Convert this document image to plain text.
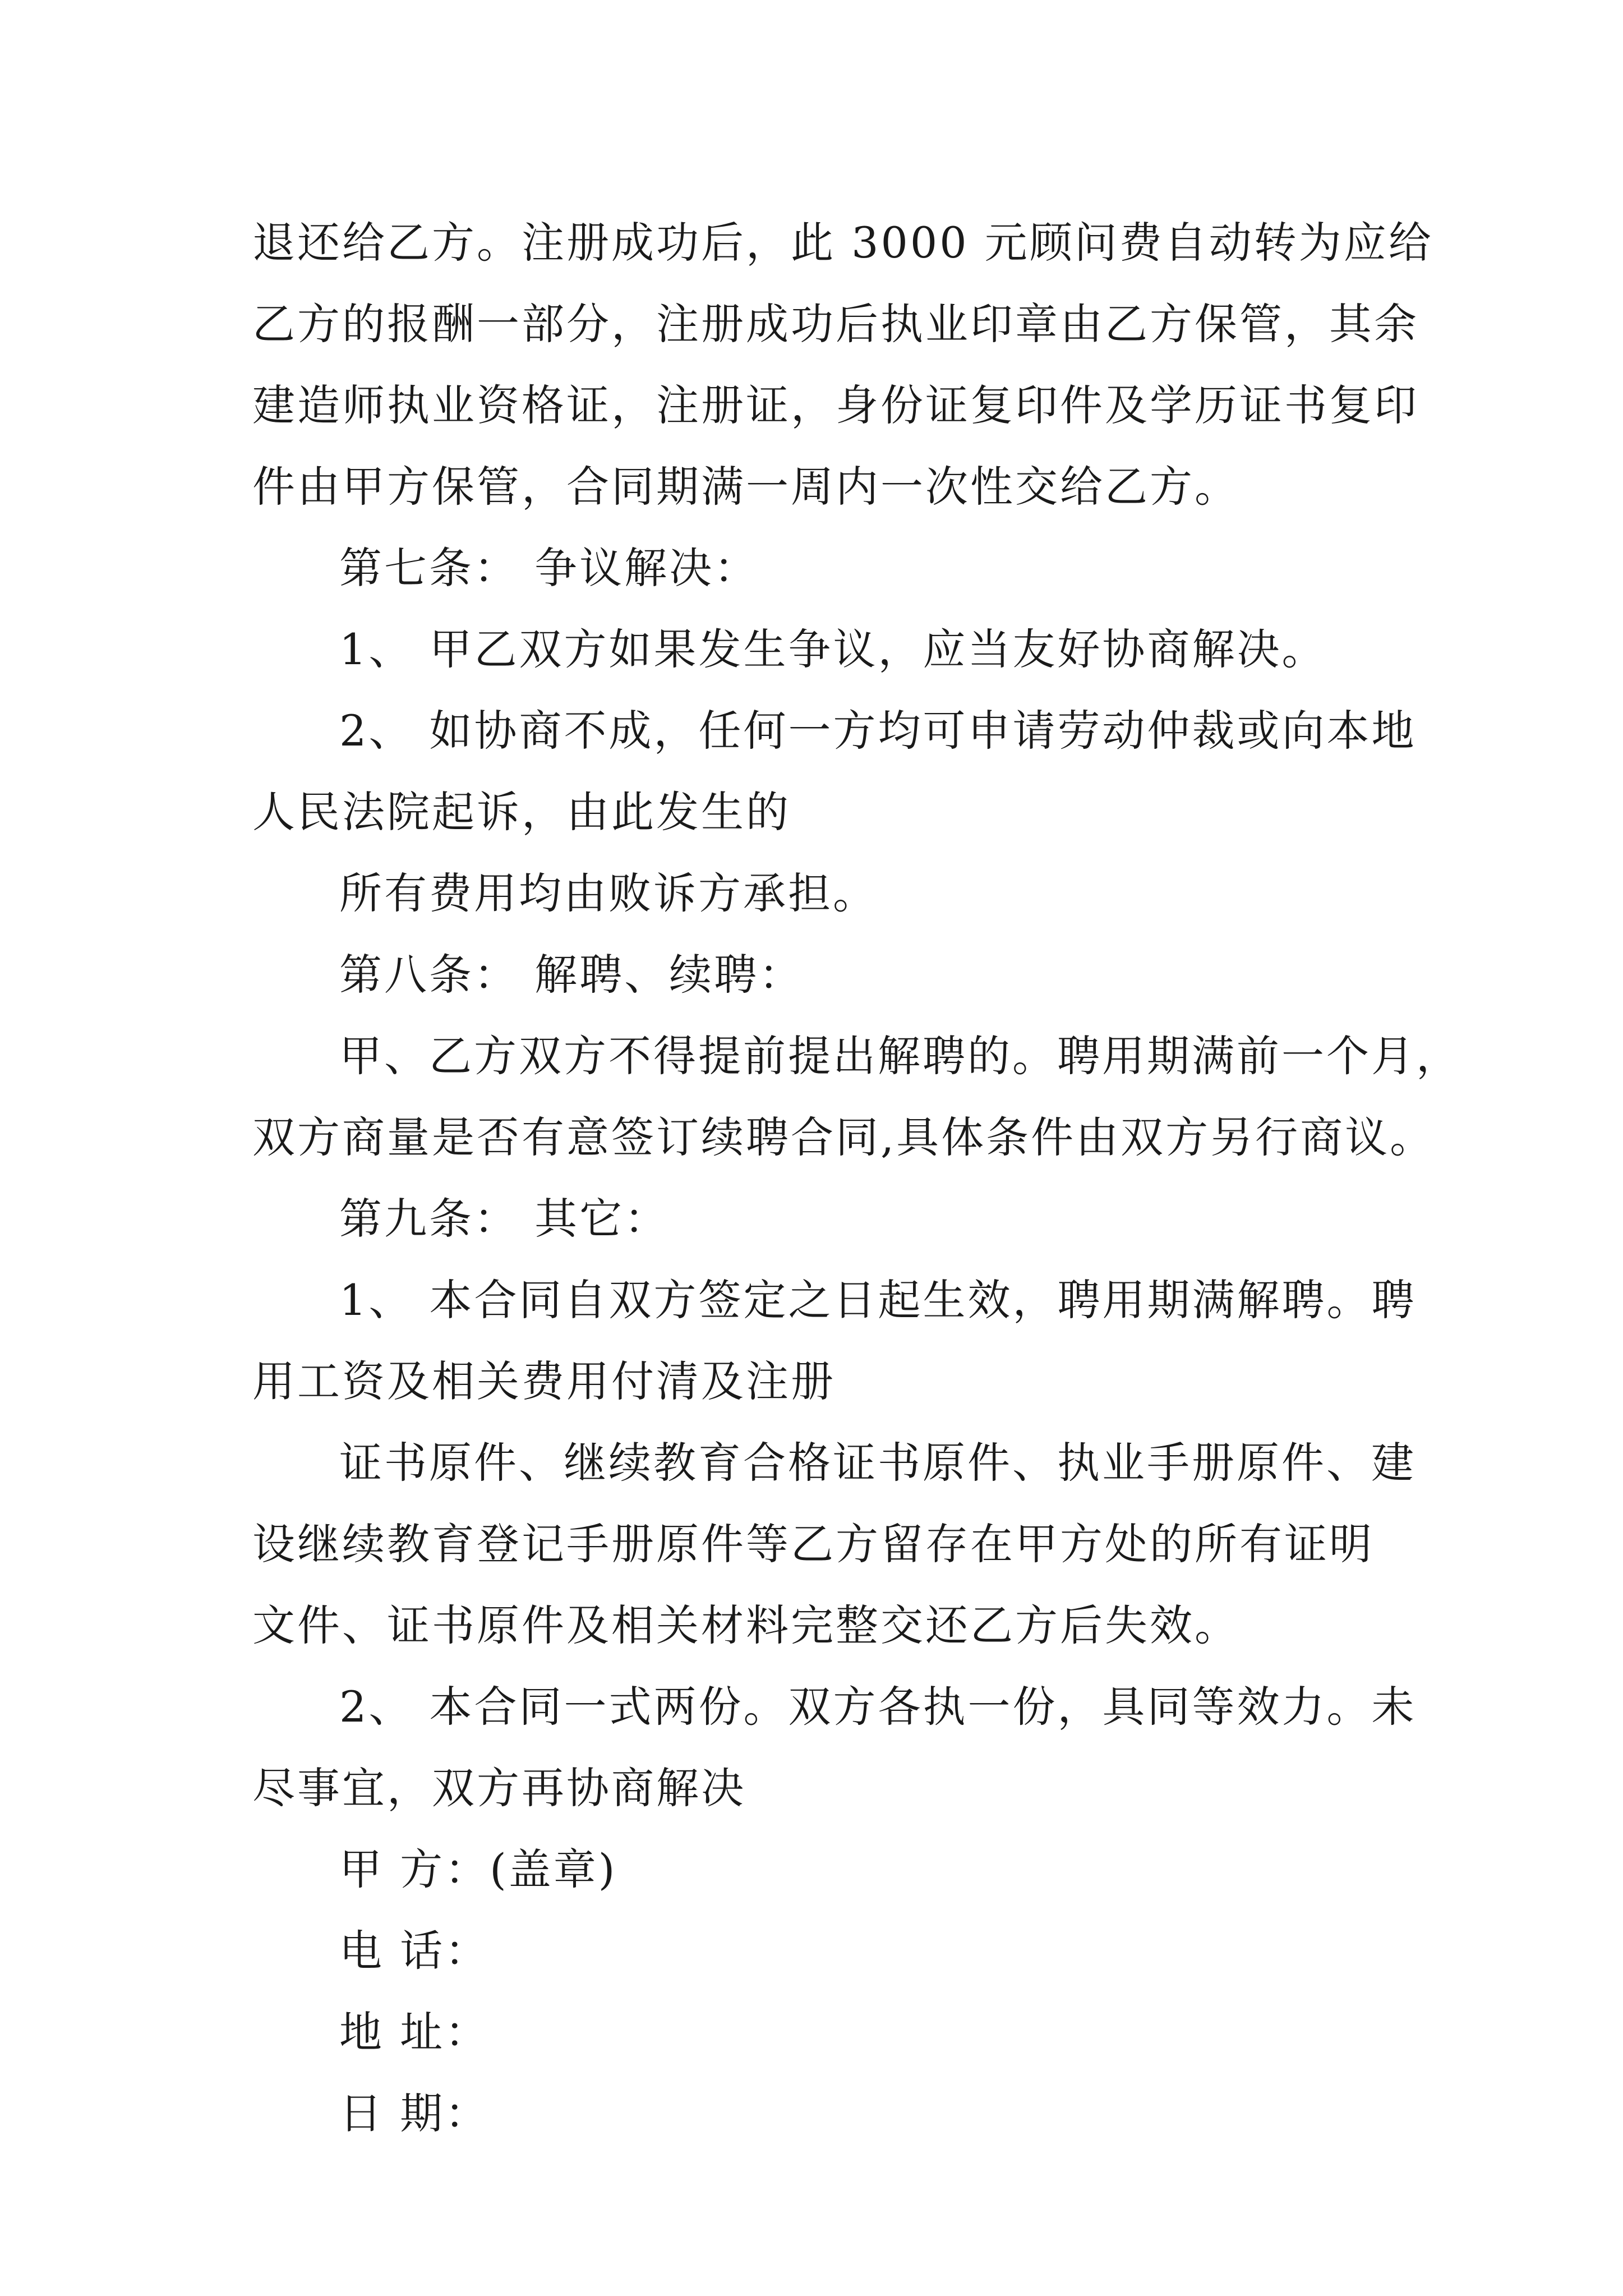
退还给乙方。注册成功后，此 3000 元顾问费自动转为应给
乙方的报酬一部分，注册成功后执业印章由乙方保管，其余
建造师执业资格证，注册证，身份证复印件及学历证书复印
件由甲方保管，合同期满一周内一次性交给乙方。
第七条： 争议解决：
1、 甲乙双方如果发生争议，应当友好协商解决。
2、 如协商不成，任何一方均可申请劳动仲裁或向本地
人民法院起诉，由此发生的
所有费用均由败诉方承担。
第八条： 解聘、续聘：
甲、乙方双方不得提前提出解聘的。聘用期满前一个月，
双方商量是否有意签订续聘合同,具体条件由双方另行商议。
第九条： 其它：
1、 本合同自双方签定之日起生效，聘用期满解聘。聘
用工资及相关费用付清及注册
证书原件、继续教育合格证书原件、执业手册原件、建
设继续教育登记手册原件等乙方留存在甲方处的所有证明
文件、证书原件及相关材料完整交还乙方后失效。
2、 本合同一式两份。双方各执一份，具同等效力。未
尽事宜，双方再协商解决
甲 方：(盖章)
电 话：
地 址：
日 期：
